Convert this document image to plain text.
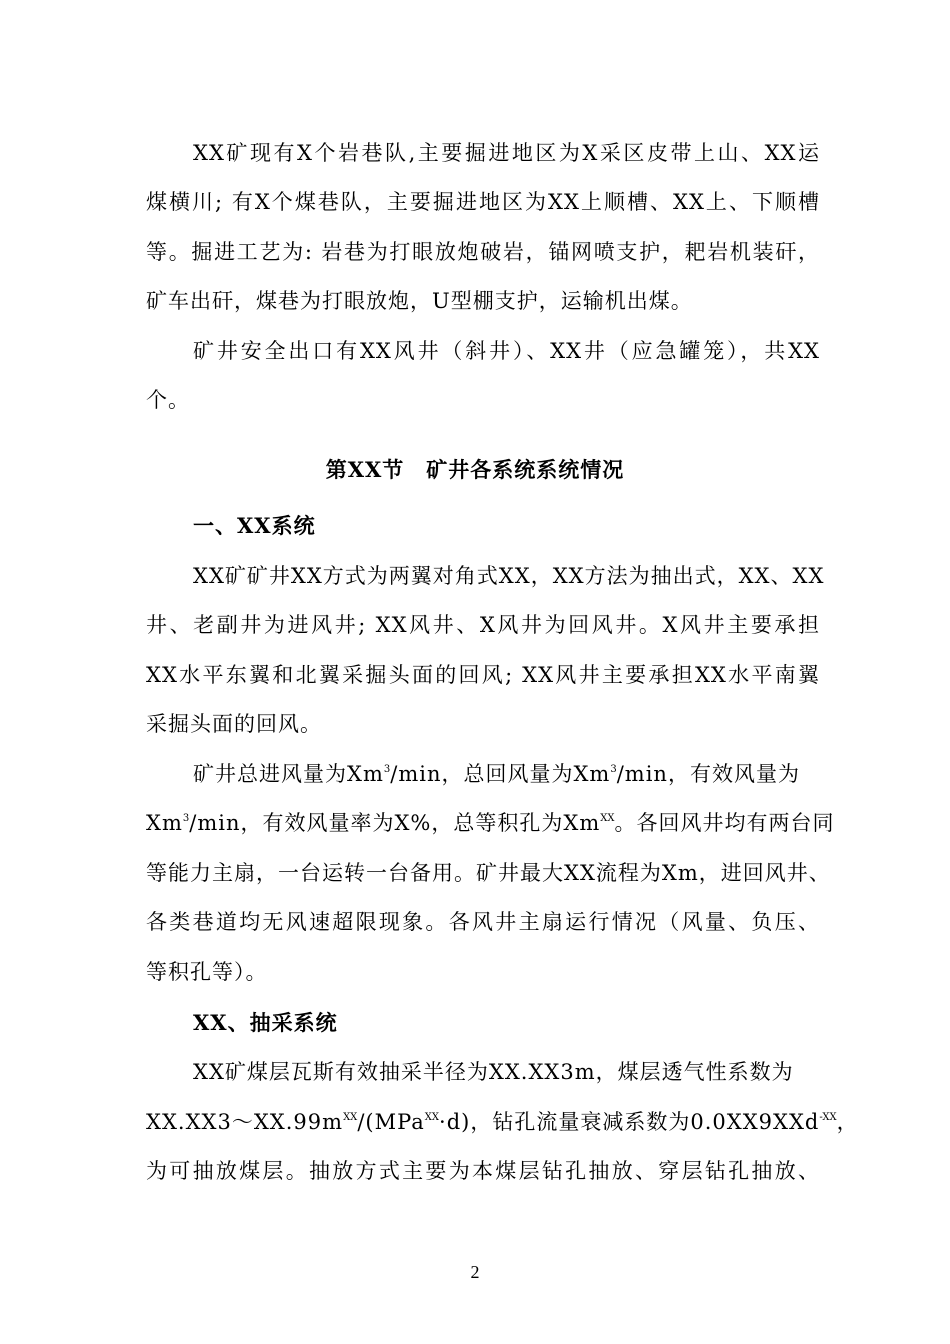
XX矿现有X个岩巷队,主要掘进地区为X采区皮带上山、XX运
煤横川; 有X个煤巷队，主要掘进地区为XX上顺槽、XX上、下顺槽
等。掘进工艺为: 岩巷为打眼放炮破岩，锚网喷支护，耙岩机装矸，
矿车出矸，煤巷为打眼放炮，U型棚支护，运输机出煤。
矿井安全出口有XX风井（斜井）、XX井（应急罐笼），共XX
个。
第XX节　矿井各系统系统情况
一、XX系统
XX矿矿井XX方式为两翼对角式XX，XX方法为抽出式，XX、XX
井、老副井为进风井; XX风井、X风井为回风井。X风井主要承担
XX水平东翼和北翼采掘头面的回风; XX风井主要承担XX水平南翼
采掘头面的回风。
矿井总进风量为Xm$^3$/min，总回风量为Xm$^3$/min，有效风量为
Xm$^3$/min，有效风量率为X%，总等积孔为$Xm^{XX}$。各回风井均有两台同
等能力主扇，一台运转一台备用。矿井最大XX流程为Xm，进回风井、
各类巷道均无风速超限现象。各风井主扇运行情况（风量、负压、
等积孔等）。
XX、抽采系统
XX矿煤层瓦斯有效抽采半径为XX.XX3m，煤层透气性系数为
$XX.XX3\sim XX.99m^{XX}/(MPa^{XX}\cdot d)$，钻孔流量衰减系数为0.0XX9XXd$^{-XX}$，
为可抽放煤层。抽放方式主要为本煤层钻孔抽放、穿层钻孔抽放、
2
